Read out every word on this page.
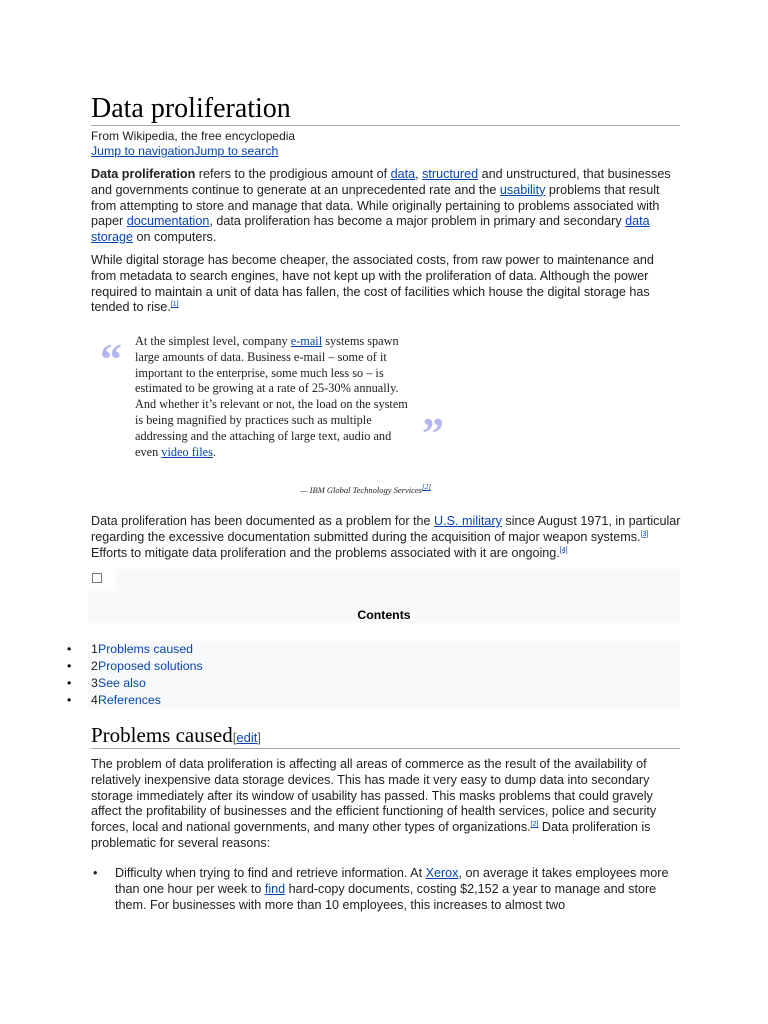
Data proliferation
From Wikipedia, the free encyclopedia
Jump to navigationJump to search

Data proliferation refers to the prodigious amount of data, structured and unstructured, that businesses and governments continue to generate at an unprecedented rate and the usability problems that result from attempting to store and manage that data. While originally pertaining to problems associated with paper documentation, data proliferation has become a major problem in primary and secondary data storage on computers.

While digital storage has become cheaper, the associated costs, from raw power to maintenance and from metadata to search engines, have not kept up with the proliferation of data. Although the power required to maintain a unit of data has fallen, the cost of facilities which house the digital storage has tended to rise.[1]

“ At the simplest level, company e-mail systems spawn large amounts of data. Business e-mail – some of it important to the enterprise, some much less so – is estimated to be growing at a rate of 25-30% annually. And whether it’s relevant or not, the load on the system is being magnified by practices such as multiple addressing and the attaching of large text, audio and even video files.	”
— IBM Global Technology Services[2]

Data proliferation has been documented as a problem for the U.S. military since August 1971, in particular regarding the excessive documentation submitted during the acquisition of major weapon systems.[3] Efforts to mitigate data proliferation and the problems associated with it are ongoing.[4]

Contents
• 1 Problems caused
• 2 Proposed solutions
• 3 See also
• 4 References
Problems caused[edit]

The problem of data proliferation is affecting all areas of commerce as the result of the availability of relatively inexpensive data storage devices. This has made it very easy to dump data into secondary storage immediately after its window of usability has passed. This masks problems that could gravely affect the profitability of businesses and the efficient functioning of health services, police and security forces, local and national governments, and many other types of organizations.[2] Data proliferation is problematic for several reasons:

• Difficulty when trying to find and retrieve information. At Xerox, on average it takes employees more than one hour per week to find hard-copy documents, costing $2,152 a year to manage and store them. For businesses with more than 10 employees, this increases to almost two
